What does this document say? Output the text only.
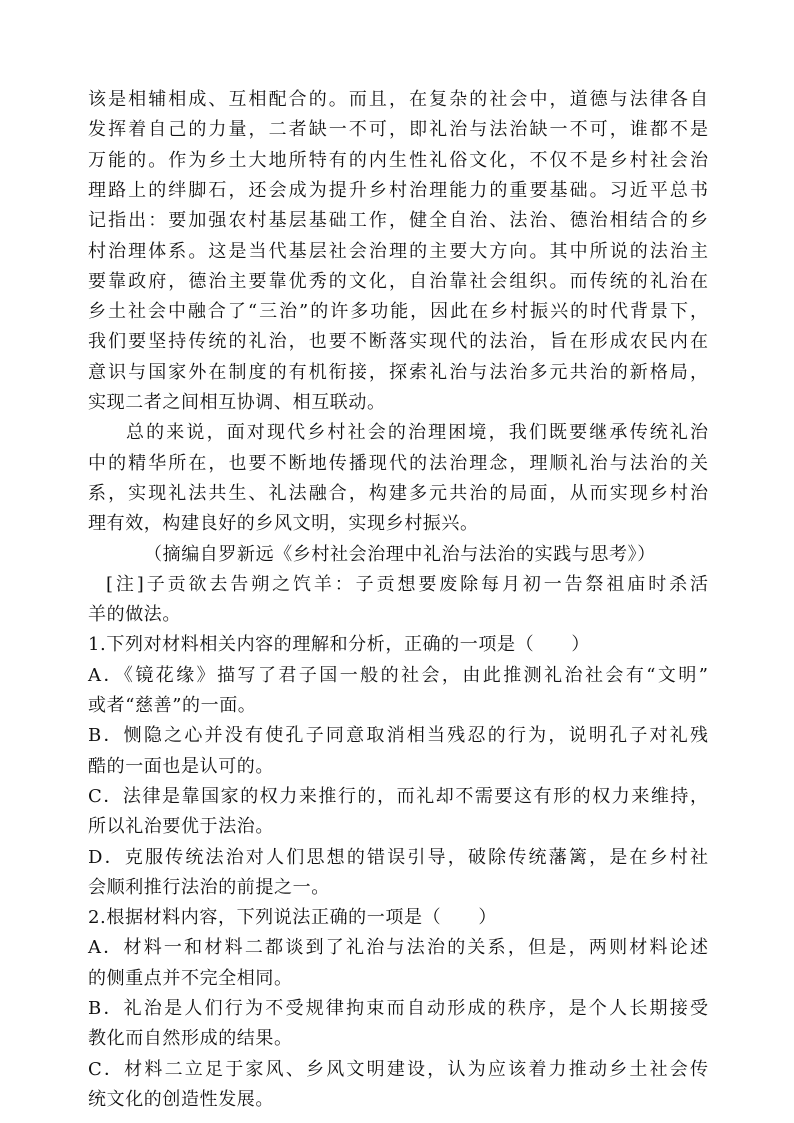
该是相辅相成、互相配合的。而且，在复杂的社会中，道德与法律各自
发挥着自己的力量，二者缺一不可，即礼治与法治缺一不可，谁都不是
万能的。作为乡土大地所特有的内生性礼俗文化，不仅不是乡村社会治
理路上的绊脚石，还会成为提升乡村治理能力的重要基础。习近平总书
记指出：要加强农村基层基础工作，健全自治、法治、德治相结合的乡
村治理体系。这是当代基层社会治理的主要大方向。其中所说的法治主
要靠政府，德治主要靠优秀的文化，自治靠社会组织。而传统的礼治在
乡土社会中融合了“三治”的许多功能，因此在乡村振兴的时代背景下，
我们要坚持传统的礼治，也要不断落实现代的法治，旨在形成农民内在
意识与国家外在制度的有机衔接，探索礼治与法治多元共治的新格局，
实现二者之间相互协调、相互联动。
总的来说，面对现代乡村社会的治理困境，我们既要继承传统礼治
中的精华所在，也要不断地传播现代的法治理念，理顺礼治与法治的关
系，实现礼法共生、礼法融合，构建多元共治的局面，从而实现乡村治
理有效，构建良好的乡风文明，实现乡村振兴。
（摘编自罗新远《乡村社会治理中礼治与法治的实践与思考》）
[注]子贡欲去告朔之饩羊：子贡想要废除每月初一告祭祖庙时杀活
羊的做法。
1.下列对材料相关内容的理解和分析，正确的一项是（　　）
A．《镜花缘》描写了君子国一般的社会，由此推测礼治社会有“文明”
或者“慈善”的一面。
B．恻隐之心并没有使孔子同意取消相当残忍的行为，说明孔子对礼残
酷的一面也是认可的。
C．法律是靠国家的权力来推行的，而礼却不需要这有形的权力来维持，
所以礼治要优于法治。
D．克服传统法治对人们思想的错误引导，破除传统藩篱，是在乡村社
会顺利推行法治的前提之一。
2.根据材料内容，下列说法正确的一项是（　　）
A．材料一和材料二都谈到了礼治与法治的关系，但是，两则材料论述
的侧重点并不完全相同。
B．礼治是人们行为不受规律拘束而自动形成的秩序，是个人长期接受
教化而自然形成的结果。
C．材料二立足于家风、乡风文明建设，认为应该着力推动乡土社会传
统文化的创造性发展。
